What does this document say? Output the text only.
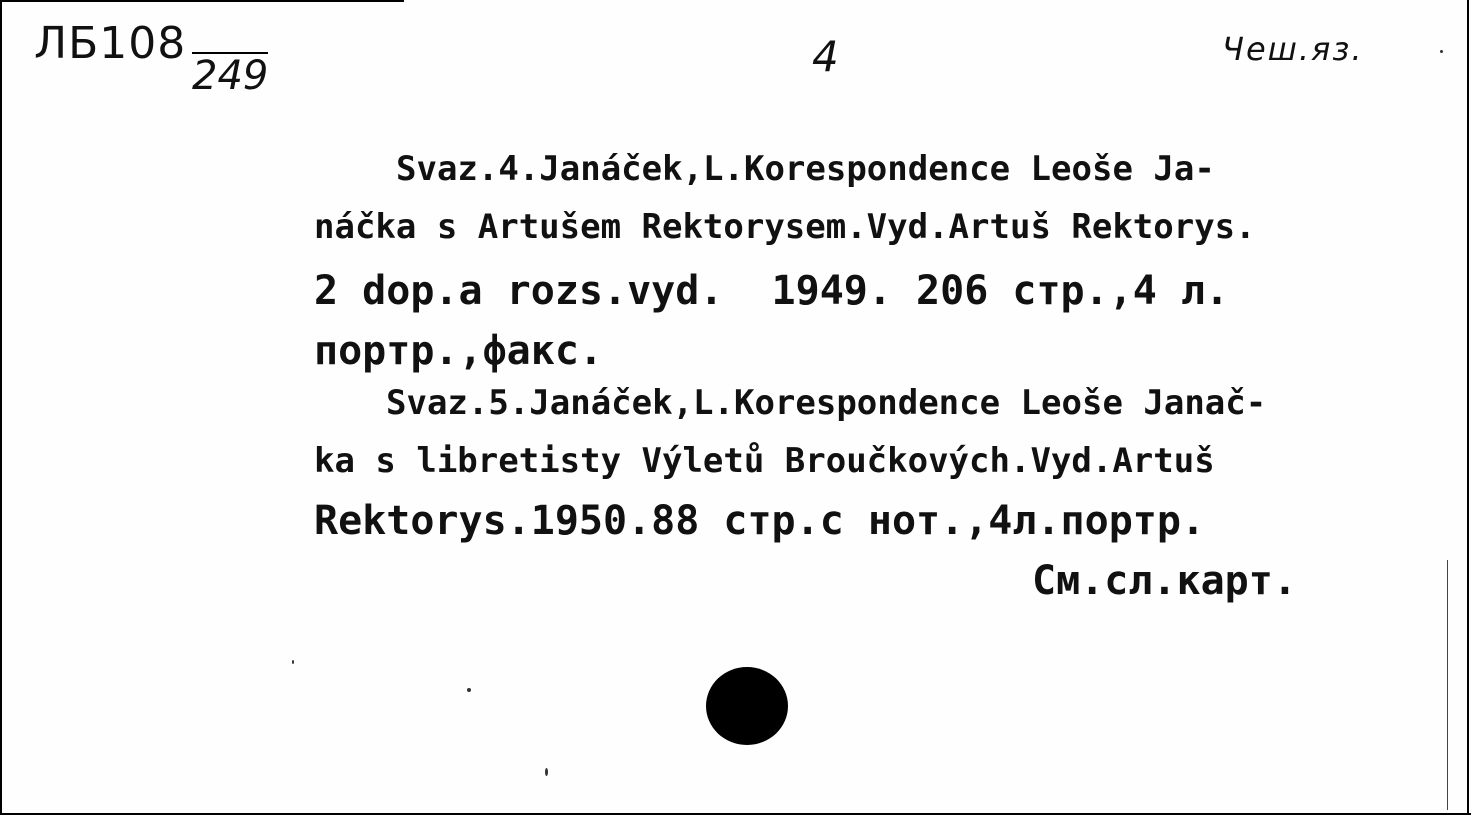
ЛБ108
249	4	Чеш.яз.

Svaz.4.Janáček,L.Korespondence Leoše Ja-

náčka s Artušem Rektorysem.Vyd.Artuš Rektorys.

2 dop.a rozs.vyd.  1949. 206 стр.,4 л.

портр.,факс.

Svaz.5.Janáček,L.Korespondence Leoše Janač-

ka s libretisty Výletů Broučkových.Vyd.Artuš

Rektorys.1950.88 стр.с нот.,4л.портр.

См.сл.карт.
